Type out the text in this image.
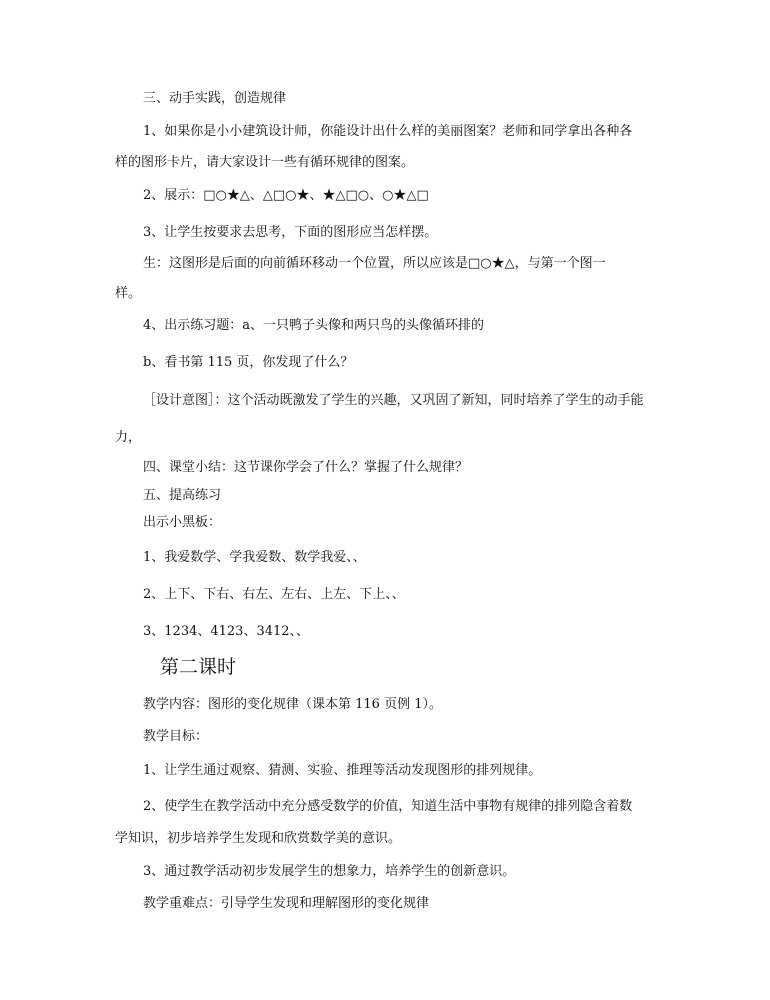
三、动手实践，创造规律
1、如果你是小小建筑设计师，你能设计出什么样的美丽图案？老师和同学拿出各种各
样的图形卡片，请大家设计一些有循环规律的图案。
2、展示：□○★△、△□○★、★△□○、○★△□
3、让学生按要求去思考，下面的图形应当怎样摆。
生：这图形是后面的向前循环移动一个位置，所以应该是□○★△，与第一个图一
样。
4、出示练习题：a、一只鸭子头像和两只鸟的头像循环排的
b、看书第 115 页，你发现了什么？
［设计意图］：这个活动既激发了学生的兴趣，又巩固了新知，同时培养了学生的动手能
力，
四、课堂小结：这节课你学会了什么？掌握了什么规律？
五、提高练习
出示小黑板：
1、我爱数学、学我爱数、数学我爱、、
2、上下、下右、右左、左右、上左、下上、、
3、1234、4123、3412、、
第二课时
教学内容：图形的变化规律（课本第 116 页例 1）。
教学目标：
1、让学生通过观察、猜测、实验、推理等活动发现图形的排列规律。
2、使学生在教学活动中充分感受数学的价值，知道生活中事物有规律的排列隐含着数
学知识，初步培养学生发现和欣赏数学美的意识。
3、通过教学活动初步发展学生的想象力，培养学生的创新意识。
教学重难点：引导学生发现和理解图形的变化规律
